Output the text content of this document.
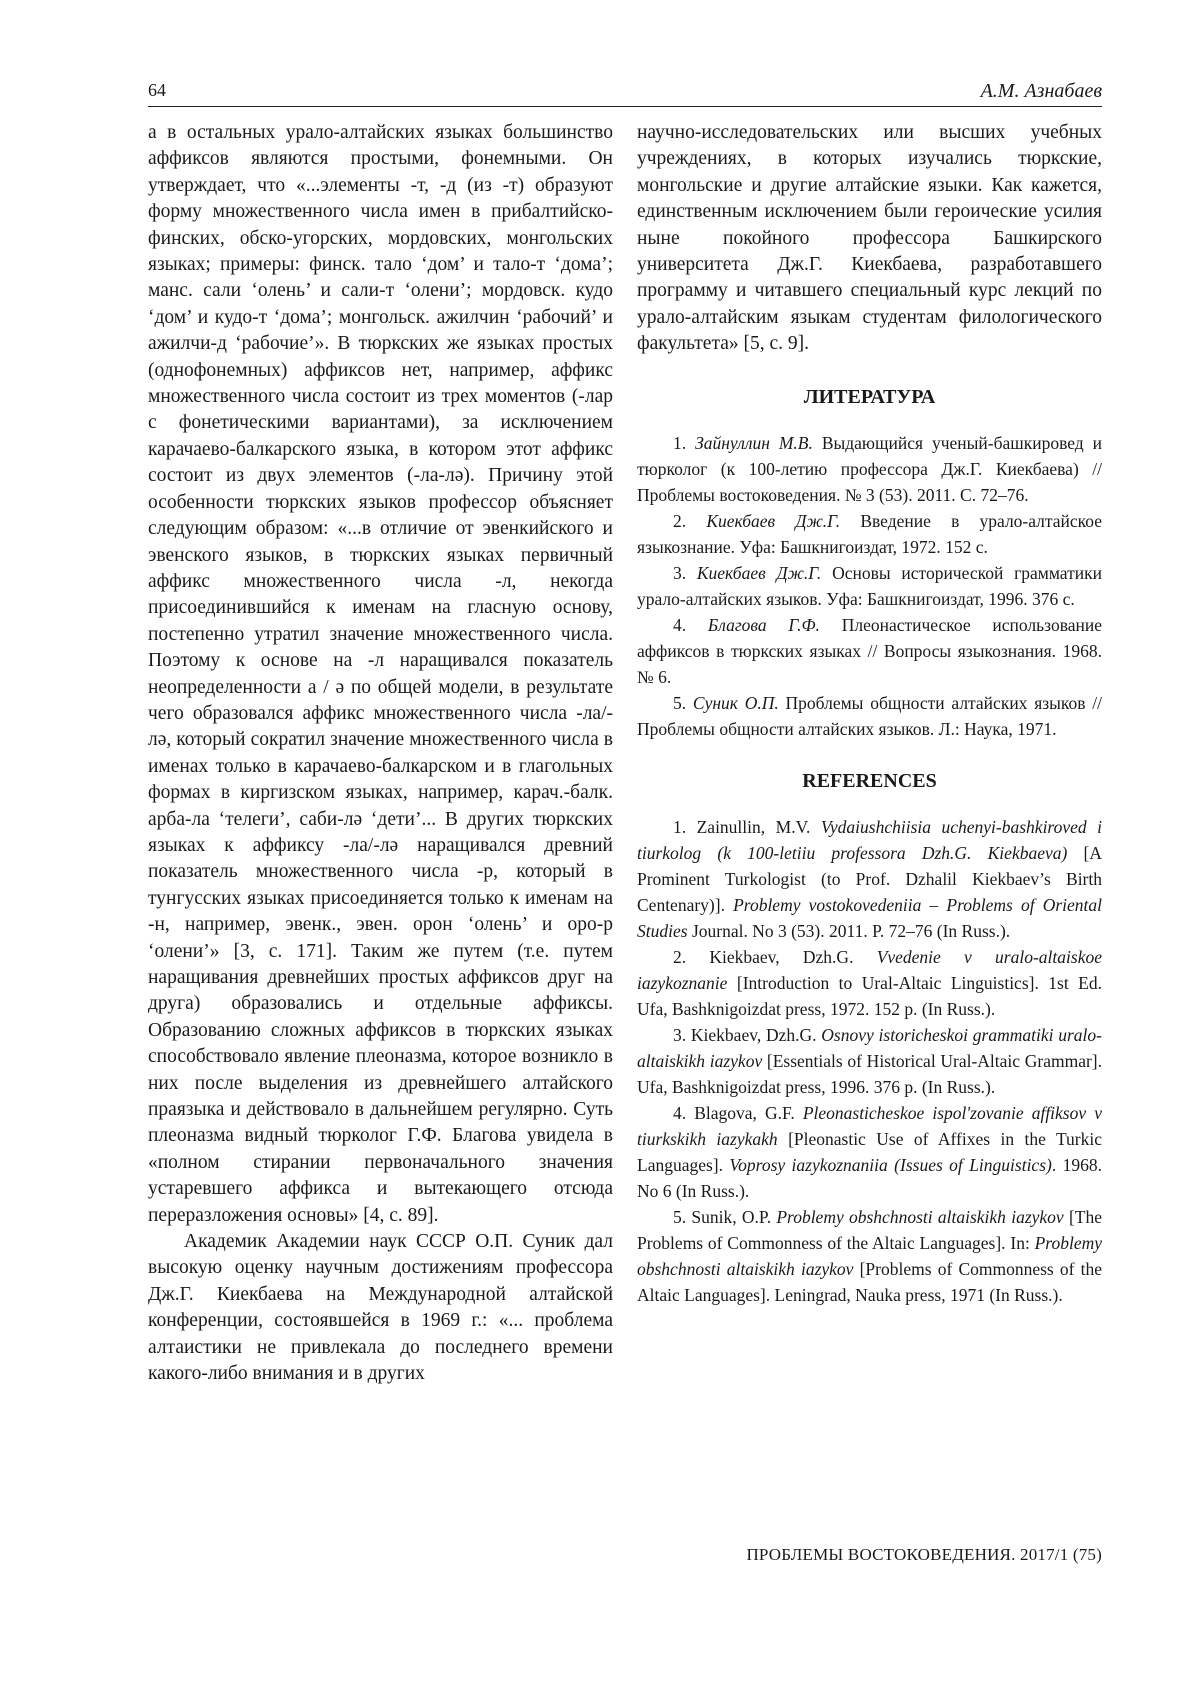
64	А.М. Азнабаев

а в остальных урало-алтайских языках большинство аффиксов являются простыми, фонемными. Он утверждает, что «...элементы -т, -д (из -т) образуют форму множественного числа имен в прибалтийско-финских, обско-угорских, мордовских, монгольских языках; примеры: финск. тало ‘дом’ и тало-т ‘дома’; манс. сали ‘олень’ и сали-т ‘олени’; мордовск. кудо ‘дом’ и кудо-т ‘дома’; монгольск. ажилчин ‘рабочий’ и ажилчи-д ‘рабочие’». В тюркских же языках простых (однофонемных) аффиксов нет, например, аффикс множественного числа состоит из трех моментов (-лар с фонетическими вариантами), за исключением карачаево-балкарского языка, в котором этот аффикс состоит из двух элементов (-ла-лә). Причину этой особенности тюркских языков профессор объясняет следующим образом: «...в отличие от эвенкийского и эвенского языков, в тюркских языках первичный аффикс множественного числа -л, некогда присоединившийся к именам на гласную основу, постепенно утратил значение множественного числа. Поэтому к основе на -л наращивался показатель неопределенности а / ә по общей модели, в результате чего образовался аффикс множественного числа -ла/-лә, который сократил значение множественного числа в именах только в карачаево-балкарском и в глагольных формах в киргизском языках, например, карач.-балк. арба-ла ‘телеги’, саби-лә ‘дети’... В других тюркских языках к аффиксу -ла/-лә наращивался древний показатель множественного числа -р, который в тунгусских языках присоединяется только к именам на -н, например, эвенк., эвен. орон ‘олень’ и оро-р ‘олени’» [3, с. 171]. Таким же путем (т.е. путем наращивания древнейших простых аффиксов друг на друга) образовались и отдельные аффиксы. Образованию сложных аффиксов в тюркских языках способствовало явление плеоназма, которое возникло в них после выделения из древнейшего алтайского праязыка и действовало в дальнейшем регулярно. Суть плеоназма видный тюрколог Г.Ф. Благова увидела в «полном стирании первоначального значения устаревшего аффикса и вытекающего отсюда переразложения основы» [4, с. 89].

Академик Академии наук СССР О.П. Суник дал высокую оценку научным достижениям профессора Дж.Г. Киекбаева на Международной алтайской конференции, состоявшейся в 1969 г.: «... проблема алтаистики не привлекала до последнего времени какого-либо внимания и в других

научно-исследовательских или высших учебных учреждениях, в которых изучались тюркские, монгольские и другие алтайские языки. Как кажется, единственным исключением были героические усилия ныне покойного профессора Башкирского университета Дж.Г. Киекбаева, разработавшего программу и читавшего специальный курс лекций по урало-алтайским языкам студентам филологического факультета» [5, с. 9].

ЛИТЕРАТУРА

1. Зайнуллин М.В. Выдающийся ученый-башкировед и тюрколог (к 100-летию профессора Дж.Г. Киекбаева) // Проблемы востоковедения. № 3 (53). 2011. С. 72–76.

2. Киекбаев Дж.Г. Введение в урало-алтайское языкознание. Уфа: Башкнигоиздат, 1972. 152 с.

3. Киекбаев Дж.Г. Основы исторической грамматики урало-алтайских языков. Уфа: Башкнигоиздат, 1996. 376 с.

4. Благова Г.Ф. Плеонастическое использование аффиксов в тюркских языках // Вопросы языкознания. 1968. № 6.

5. Суник О.П. Проблемы общности алтайских языков // Проблемы общности алтайских языков. Л.: Наука, 1971.

REFERENCES

1. Zainullin, M.V. Vydaiushchiisia uchenyi-bashkiroved i tiurkolog (k 100-letiiu professora Dzh.G. Kiekbaeva) [A Prominent Turkologist (to Prof. Dzhalil Kiekbaev’s Birth Centenary)]. Problemy vostokovedeniia – Problems of Oriental Studies Journal. No 3 (53). 2011. P. 72–76 (In Russ.).

2. Kiekbaev, Dzh.G. Vvedenie v uralo-altaiskoe iazykoznanie [Introduction to Ural-Altaic Linguistics]. 1st Ed. Ufa, Bashknigoizdat press, 1972. 152 p. (In Russ.).

3. Kiekbaev, Dzh.G. Osnovy istoricheskoi grammatiki uralo-altaiskikh iazykov [Essentials of Historical Ural-Altaic Grammar]. Ufa, Bashknigoizdat press, 1996. 376 p. (In Russ.).

4. Blagova, G.F. Pleonasticheskoe ispol'zovanie affiksov v tiurkskikh iazykakh [Pleonastic Use of Affixes in the Turkic Languages]. Voprosy iazykoznaniia (Issues of Linguistics). 1968. No 6 (In Russ.).

5. Sunik, O.P. Problemy obshchnosti altaiskikh iazykov [The Problems of Commonness of the Altaic Languages]. In: Problemy obshchnosti altaiskikh iazykov [Problems of Commonness of the Altaic Languages]. Leningrad, Nauka press, 1971 (In Russ.).

ПРОБЛЕМЫ ВОСТОКОВЕДЕНИЯ. 2017/1 (75)
